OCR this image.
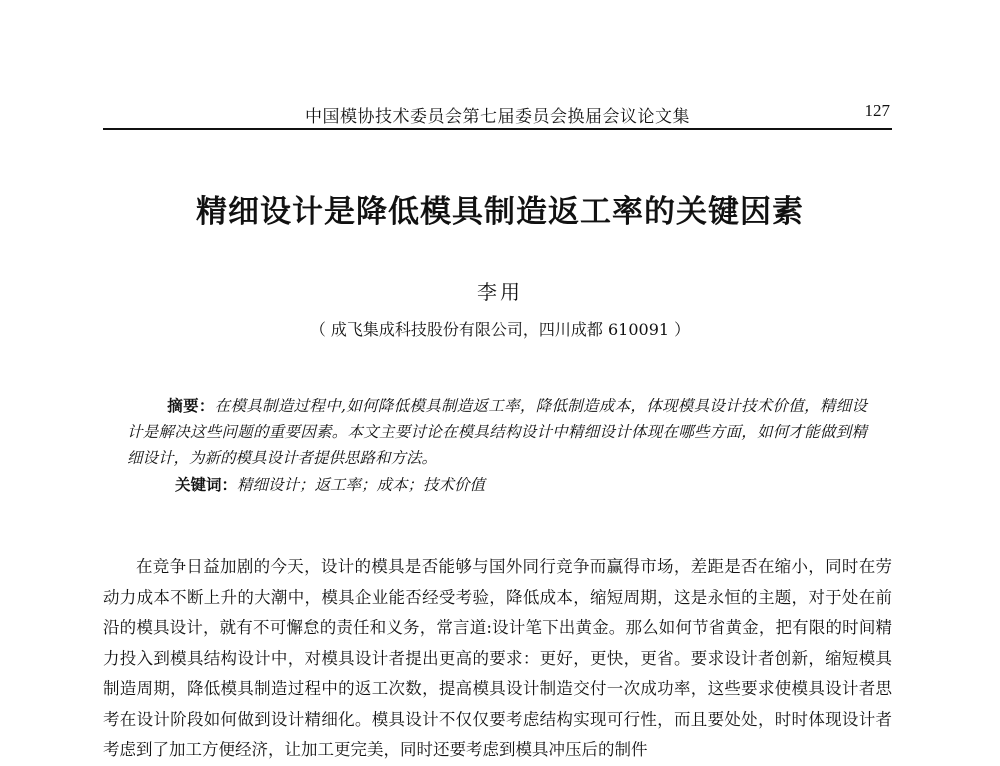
中国模协技术委员会第七届委员会换届会议论文集	127
精细设计是降低模具制造返工率的关键因素
李用
（ 成飞集成科技股份有限公司，四川成都 610091 ）

摘要：在模具制造过程中,如何降低模具制造返工率，降低制造成本，体现模具设计技术价值，精细设计是解决这些问题的重要因素。本文主要讨论在模具结构设计中精细设计体现在哪些方面，如何才能做到精细设计，为新的模具设计者提供思路和方法。

关键词：精细设计；返工率；成本；技术价值

在竞争日益加剧的今天，设计的模具是否能够与国外同行竞争而赢得市场，差距是否在缩小，同时在劳动力成本不断上升的大潮中，模具企业能否经受考验，降低成本，缩短周期，这是永恒的主题，对于处在前沿的模具设计，就有不可懈怠的责任和义务，常言道:设计笔下出黄金。那么如何节省黄金，把有限的时间精力投入到模具结构设计中，对模具设计者提出更高的要求：更好，更快，更省。要求设计者创新，缩短模具制造周期，降低模具制造过程中的返工次数，提高模具设计制造交付一次成功率，这些要求使模具设计者思考在设计阶段如何做到设计精细化。模具设计不仅仅要考虑结构实现可行性，而且要处处，时时体现设计者考虑到了加工方便经济，让加工更完美，同时还要考虑到模具冲压后的制件
